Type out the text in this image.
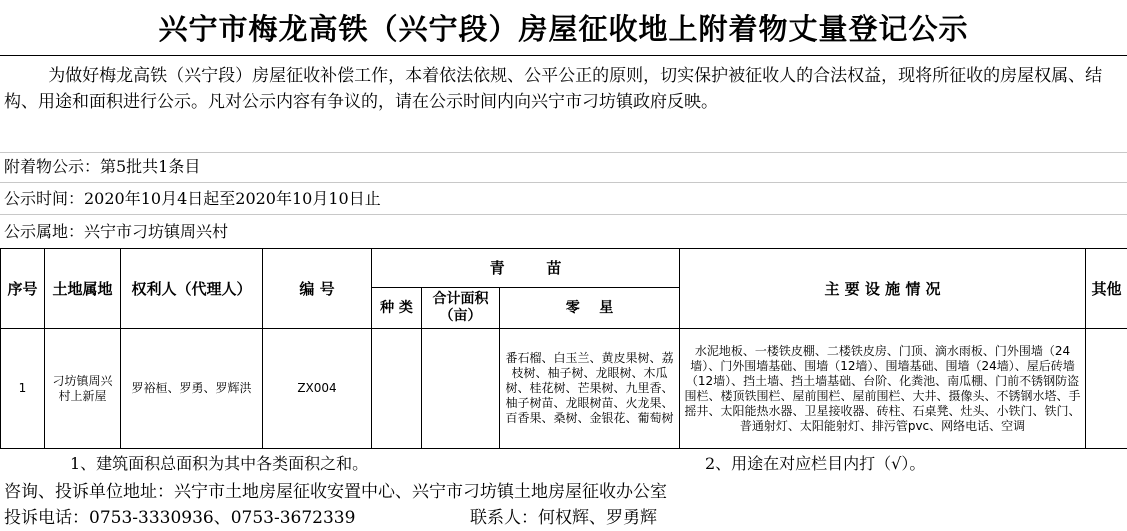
兴宁市梅龙高铁（兴宁段）房屋征收地上附着物丈量登记公示
为做好梅龙高铁（兴宁段）房屋征收补偿工作，本着依法依规、公平公正的原则，切实保护被征收人的合法权益，现将所征收的房屋权属、结构、用途和面积进行公示。凡对公示内容有争议的，请在公示时间内向兴宁市刁坊镇政府反映。
附着物公示：第5批共1条目
公示时间：2020年10月4日起至2020年10月10日止
公示属地：兴宁市刁坊镇周兴村
序号	土地属地	权利人（代理人）	编 号	青        苗			主 要 设 施 情 况	其他
				种 类	合计面积（亩）	零    星		
1	刁坊镇周兴村上新屋	罗裕桓、罗勇、罗辉洪	ZX004			番石榴、白玉兰、黄皮果树、荔枝树、柚子树、龙眼树、木瓜树、桂花树、芒果树、九里香、柚子树苗、龙眼树苗、火龙果、百香果、桑树、金银花、葡萄树	水泥地板、一楼铁皮棚、二楼铁皮房、门顶、滴水雨板、门外围墙（24墙）、门外围墙基础、围墙（12墙）、围墙基础、围墙（24墙）、屋后砖墙（12墙）、挡土墙、挡土墙基础、台阶、化粪池、南瓜棚、门前不锈钢防盗围栏、楼顶铁围栏、屋前围栏、屋前围栏、大井、摄像头、不锈钢水塔、手摇井、太阳能热水器、卫星接收器、砖柱、石桌凳、灶头、小铁门、铁门、普通射灯、太阳能射灯、排污管pvc、网络电话、空调	
1、建筑面积总面积为其中各类面积之和。	2、用途在对应栏目内打（√）。
咨询、投诉单位地址：兴宁市土地房屋征收安置中心、兴宁市刁坊镇土地房屋征收办公室
投诉电话：0753-3330936、0753-3672339	联系人：何权辉、罗勇辉
